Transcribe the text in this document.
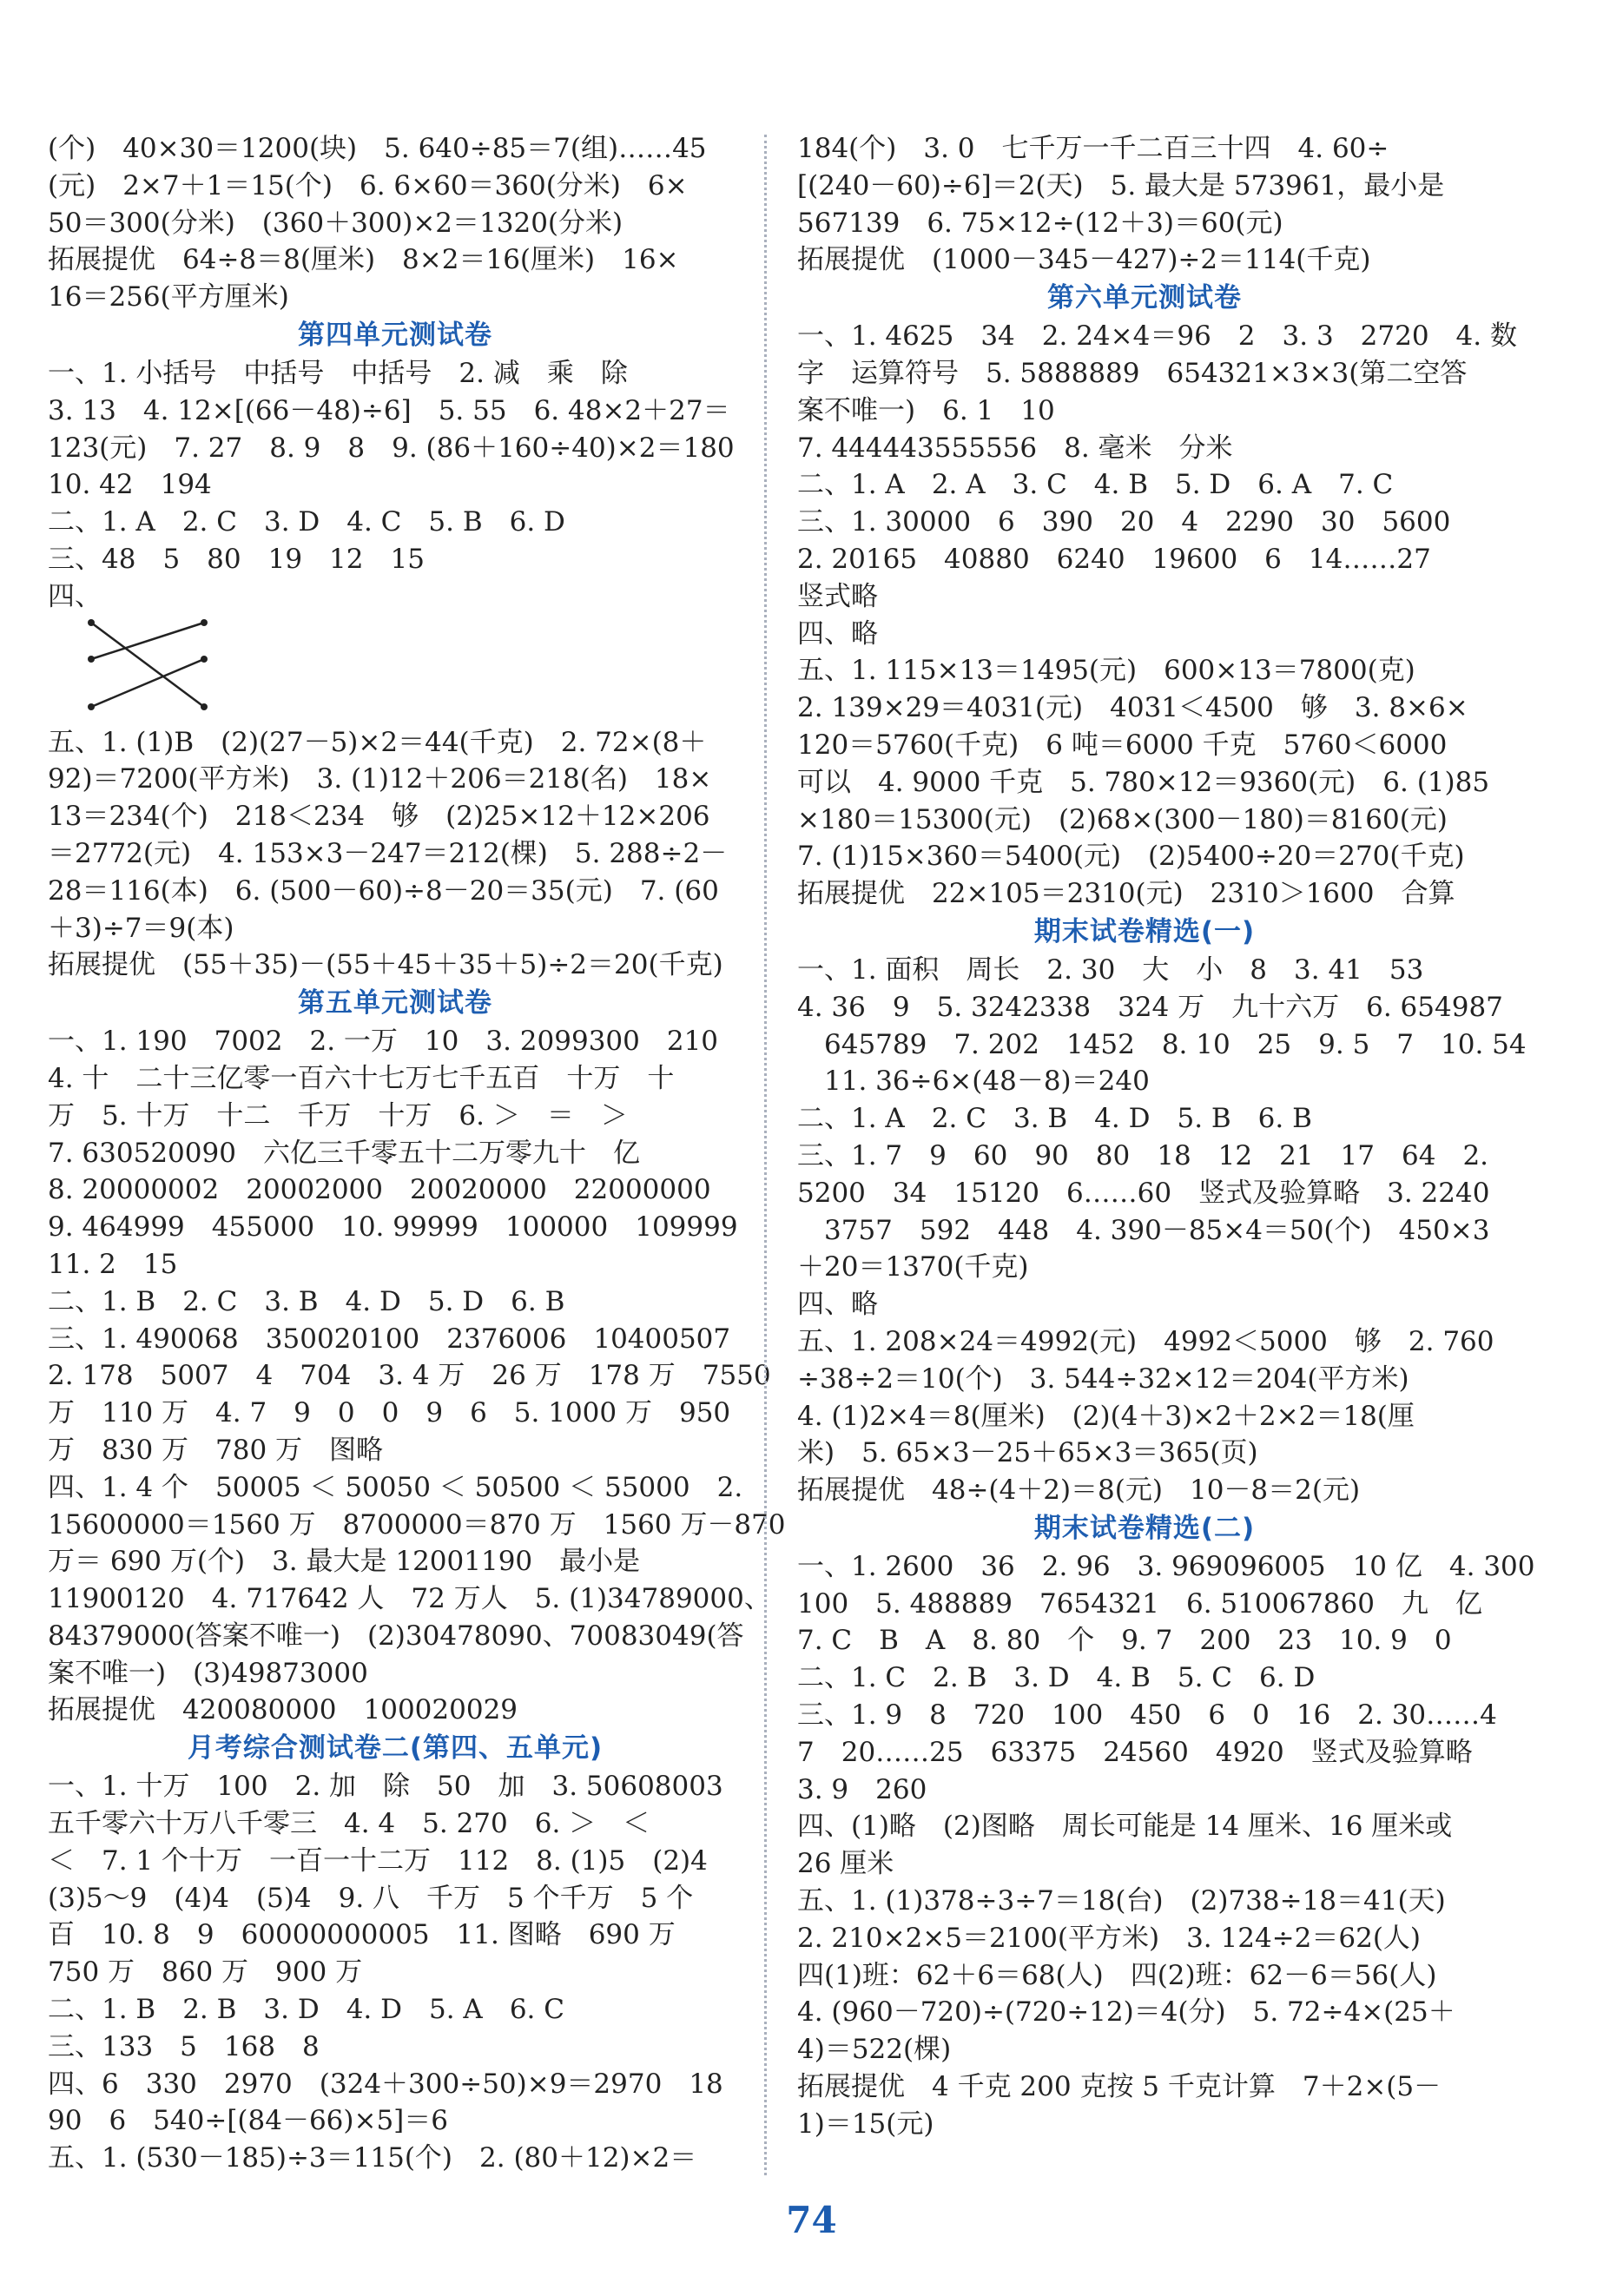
(个)　40×30＝1200(块)　5. 640÷85＝7(组)……45
(元)　2×7＋1＝15(个)　6. 6×60＝360(分米)　6×
50＝300(分米)　(360＋300)×2＝1320(分米)
拓展提优　64÷8＝8(厘米)　8×2＝16(厘米)　16×
16＝256(平方厘米)
第四单元测试卷
一、1. 小括号　中括号　中括号　2. 减　乘　除
3. 13　4. 12×[(66－48)÷6]　5. 55　6. 48×2＋27＝
123(元)　7. 27　8. 9　8　9. (86＋160÷40)×2＝180
10. 42　194
二、1. A　2. C　3. D　4. C　5. B　6. D
三、48　5　80　19　12　15
四、
五、1. (1)B　(2)(27－5)×2＝44(千克)　2. 72×(8＋
92)＝7200(平方米)　3. (1)12＋206＝218(名)　18×
13＝234(个)　218＜234　够　(2)25×12＋12×206
＝2772(元)　4. 153×3－247＝212(棵)　5. 288÷2－
28＝116(本)　6. (500－60)÷8－20＝35(元)　7. (60
＋3)÷7＝9(本)
拓展提优　(55＋35)－(55＋45＋35＋5)÷2＝20(千克)
第五单元测试卷
一、1. 190　7002　2. 一万　10　3. 2099300　210
4. 十　二十三亿零一百六十七万七千五百　十万　十
万　5. 十万　十二　千万　十万　6. ＞　＝　＞
7. 630520090　六亿三千零五十二万零九十　亿
8. 20000002　20002000　20020000　22000000
9. 464999　455000　10. 99999　100000　109999
11. 2　15
二、1. B　2. C　3. B　4. D　5. D　6. B
三、1. 490068　350020100　2376006　10400507
2. 178　5007　4　704　3. 4 万　26 万　178 万　7550
万　110 万　4. 7　9　0　0　9　6　5. 1000 万　950
万　830 万　780 万　图略
四、1. 4 个　50005 ＜ 50050 ＜ 50500 ＜ 55000　2.
15600000＝1560 万　8700000＝870 万　1560 万－870
万＝ 690 万(个)　3. 最大是 12001190　最小是
11900120　4. 717642 人　72 万人　5. (1)34789000、
84379000(答案不唯一)　(2)30478090、70083049(答
案不唯一)　(3)49873000
拓展提优　420080000　100020029
月考综合测试卷二(第四、五单元)
一、1. 十万　100　2. 加　除　50　加　3. 50608003
五千零六十万八千零三　4. 4　5. 270　6. ＞　＜
＜　7. 1 个十万　一百一十二万　112　8. (1)5　(2)4
(3)5～9　(4)4　(5)4　9. 八　千万　5 个千万　5 个
百　10. 8　9　60000000005　11. 图略　690 万
750 万　860 万　900 万
二、1. B　2. B　3. D　4. D　5. A　6. C
三、133　5　168　8
四、6　330　2970　(324＋300÷50)×9＝2970　18
90　6　540÷[(84－66)×5]＝6
五、1. (530－185)÷3＝115(个)　2. (80＋12)×2＝
184(个)　3. 0　七千万一千二百三十四　4. 60÷
[(240－60)÷6]＝2(天)　5. 最大是 573961，最小是
567139　6. 75×12÷(12＋3)＝60(元)
拓展提优　(1000－345－427)÷2＝114(千克)
第六单元测试卷
一、1. 4625　34　2. 24×4＝96　2　3. 3　2720　4. 数
字　运算符号　5. 5888889　654321×3×3(第二空答
案不唯一)　6. 1　10
7. 444443555556　8. 毫米　分米
二、1. A　2. A　3. C　4. B　5. D　6. A　7. C
三、1. 30000　6　390　20　4　2290　30　5600
2. 20165　40880　6240　19600　6　14……27
竖式略
四、略
五、1. 115×13＝1495(元)　600×13＝7800(克)
2. 139×29＝4031(元)　4031＜4500　够　3. 8×6×
120＝5760(千克)　6 吨＝6000 千克　5760＜6000
可以　4. 9000 千克　5. 780×12＝9360(元)　6. (1)85
×180＝15300(元)　(2)68×(300－180)＝8160(元)
7. (1)15×360＝5400(元)　(2)5400÷20＝270(千克)
拓展提优　22×105＝2310(元)　2310＞1600　合算
期末试卷精选(一)
一、1. 面积　周长　2. 30　大　小　8　3. 41　53
4. 36　9　5. 3242338　324 万　九十六万　6. 654987
　645789　7. 202　1452　8. 10　25　9. 5　7　10. 54
　11. 36÷6×(48－8)＝240
二、1. A　2. C　3. B　4. D　5. B　6. B
三、1. 7　9　60　90　80　18　12　21　17　64　2.
5200　34　15120　6……60　竖式及验算略　3. 2240
　3757　592　448　4. 390－85×4＝50(个)　450×3
＋20＝1370(千克)
四、略
五、1. 208×24＝4992(元)　4992＜5000　够　2. 760
÷38÷2＝10(个)　3. 544÷32×12＝204(平方米)
4. (1)2×4＝8(厘米)　(2)(4＋3)×2＋2×2＝18(厘
米)　5. 65×3－25＋65×3＝365(页)
拓展提优　48÷(4＋2)＝8(元)　10－8＝2(元)
期末试卷精选(二)
一、1. 2600　36　2. 96　3. 969096005　10 亿　4. 300
100　5. 488889　7654321　6. 510067860　九　亿
7. C　B　A　8. 80　个　9. 7　200　23　10. 9　0
二、1. C　2. B　3. D　4. B　5. C　6. D
三、1. 9　8　720　100　450　6　0　16　2. 30……4
7　20……25　63375　24560　4920　竖式及验算略
3. 9　260
四、(1)略　(2)图略　周长可能是 14 厘米、16 厘米或
26 厘米
五、1. (1)378÷3÷7＝18(台)　(2)738÷18＝41(天)
2. 210×2×5＝2100(平方米)　3. 124÷2＝62(人)
四(1)班：62＋6＝68(人)　四(2)班：62－6＝56(人)
4. (960－720)÷(720÷12)＝4(分)　5. 72÷4×(25＋
4)＝522(棵)
拓展提优　4 千克 200 克按 5 千克计算　7＋2×(5－
1)＝15(元)
74
